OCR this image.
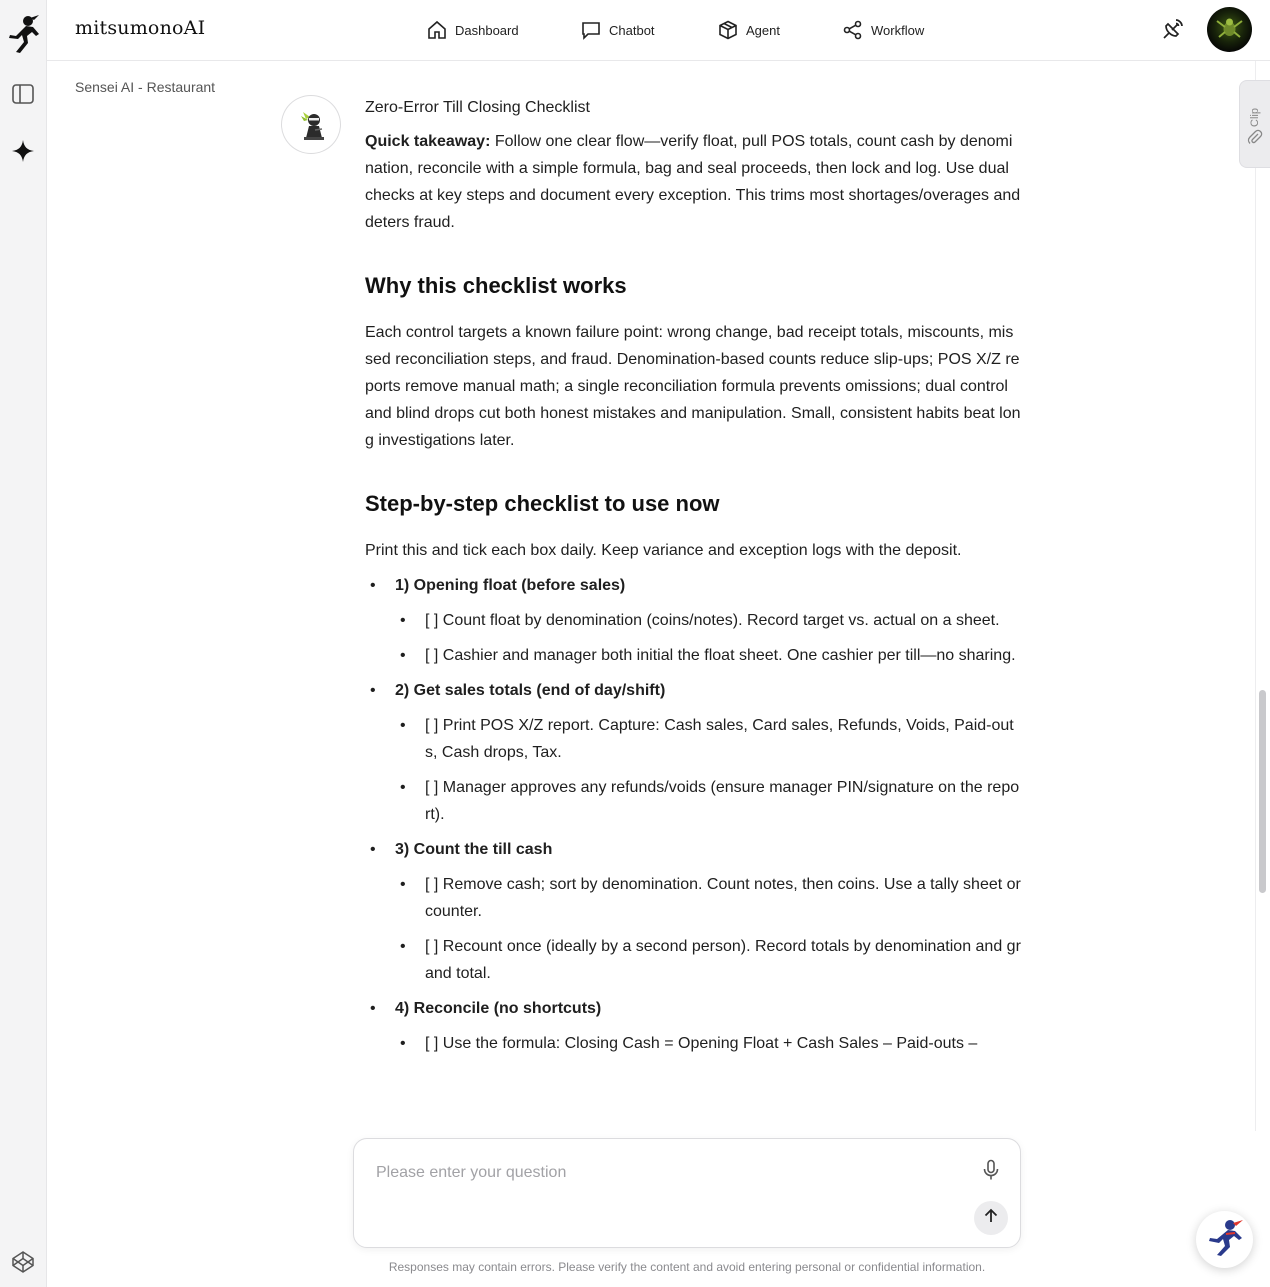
mitsumonoAI	Dashboard	Chatbot	Agent	Workflow
Sensei AI - Restaurant
Clip
Zero-Error Till Closing Checklist

Quick takeaway: Follow one clear flow—verify float, pull POS totals, count cash by denomination, reconcile with a simple formula, bag and seal proceeds, then lock and log. Use dual checks at key steps and document every exception. This trims most shortages/overages and deters fraud.

Why this checklist works

Each control targets a known failure point: wrong change, bad receipt totals, miscounts, missed reconciliation steps, and fraud. Denomination-based counts reduce slip-ups; POS X/Z reports remove manual math; a single reconciliation formula prevents omissions; dual control and blind drops cut both honest mistakes and manipulation. Small, consistent habits beat long investigations later.

Step-by-step checklist to use now

Print this and tick each box daily. Keep variance and exception logs with the deposit.

• 1) Opening float (before sales)
• [ ] Count float by denomination (coins/notes). Record target vs. actual on a sheet.
• [ ] Cashier and manager both initial the float sheet. One cashier per till—no sharing.
• 2) Get sales totals (end of day/shift)
• [ ] Print POS X/Z report. Capture: Cash sales, Card sales, Refunds, Voids, Paid-outs, Cash drops, Tax.
• [ ] Manager approves any refunds/voids (ensure manager PIN/signature on the report).
• 3) Count the till cash
• [ ] Remove cash; sort by denomination. Count notes, then coins. Use a tally sheet or counter.
• [ ] Recount once (ideally by a second person). Record totals by denomination and grand total.
• 4) Reconcile (no shortcuts)
• [ ] Use the formula: Closing Cash = Opening Float + Cash Sales – Paid-outs –
Please enter your question
Responses may contain errors. Please verify the content and avoid entering personal or confidential information.
